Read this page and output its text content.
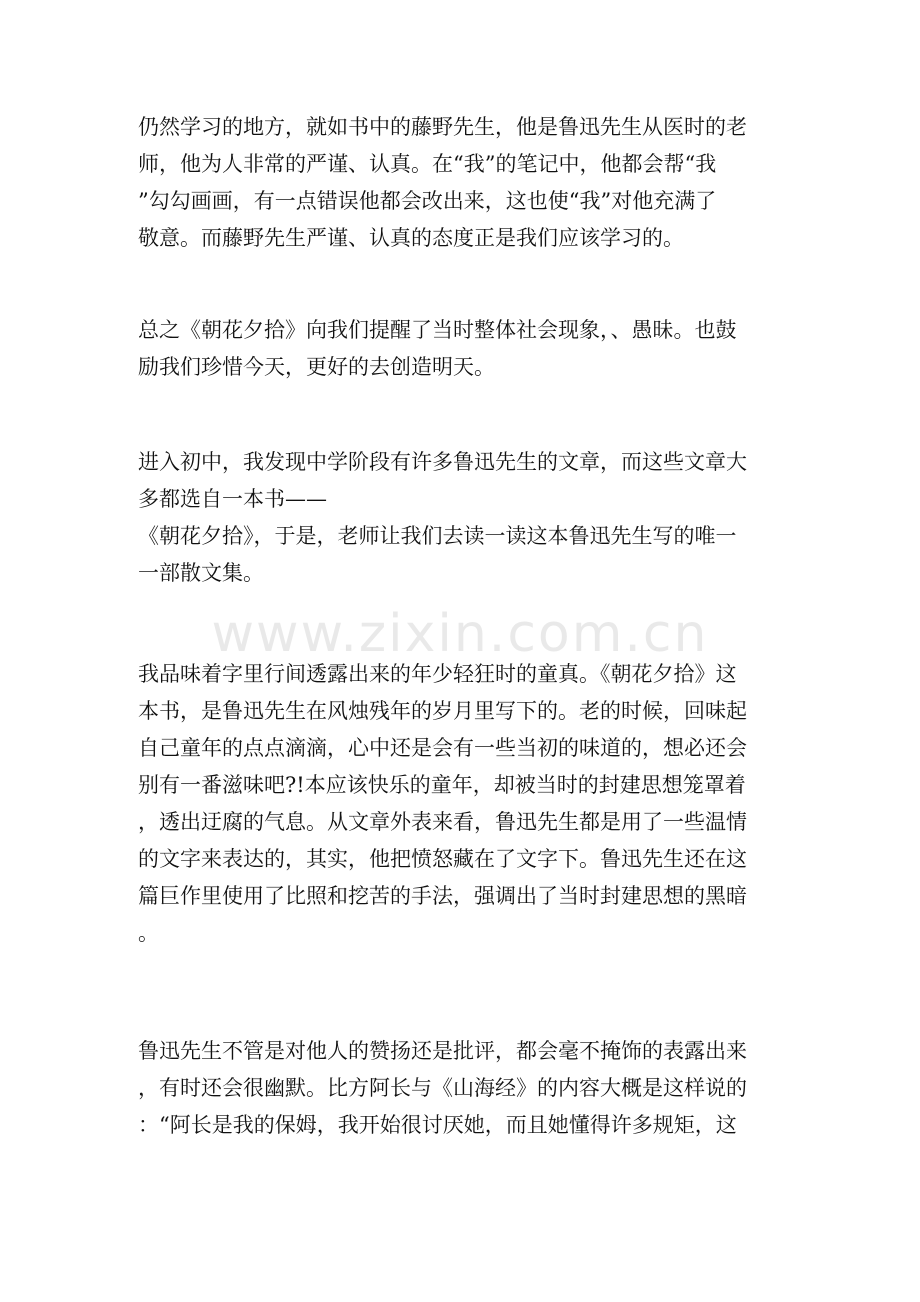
仍然学习的地方，就如书中的藤野先生，他是鲁迅先生从医时的老
师，他为人非常的严谨、认真。在“我”的笔记中，他都会帮“我
”勾勾画画，有一点错误他都会改出来，这也使“我”对他充满了
敬意。而藤野先生严谨、认真的态度正是我们应该学习的。
总之《朝花夕拾》向我们提醒了当时整体社会现象，、愚昧。也鼓
励我们珍惜今天，更好的去创造明天。
进入初中，我发现中学阶段有许多鲁迅先生的文章，而这些文章大
多都选自一本书——
《朝花夕拾》，于是，老师让我们去读一读这本鲁迅先生写的唯一
一部散文集。
我品味着字里行间透露出来的年少轻狂时的童真。《朝花夕拾》这
本书，是鲁迅先生在风烛残年的岁月里写下的。老的时候，回味起
自己童年的点点滴滴，心中还是会有一些当初的味道的，想必还会
别有一番滋味吧?!本应该快乐的童年，却被当时的封建思想笼罩着
，透出迂腐的气息。从文章外表来看，鲁迅先生都是用了一些温情
的文字来表达的，其实，他把愤怒藏在了文字下。鲁迅先生还在这
篇巨作里使用了比照和挖苦的手法，强调出了当时封建思想的黑暗
。
鲁迅先生不管是对他人的赞扬还是批评，都会毫不掩饰的表露出来
，有时还会很幽默。比方阿长与《山海经》的内容大概是这样说的
：“阿长是我的保姆，我开始很讨厌她，而且她懂得许多规矩，这
www.zixin.com.cn
